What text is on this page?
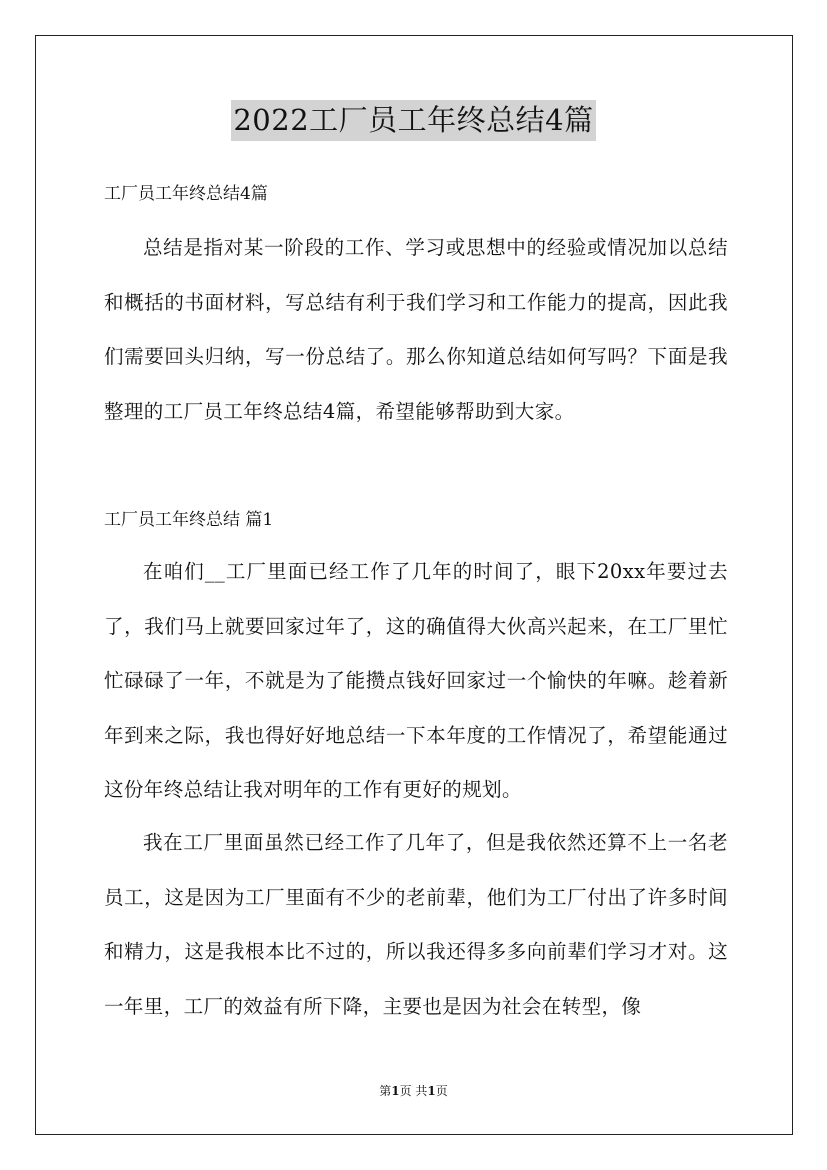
2022工厂员工年终总结4篇

工厂员工年终总结4篇

总结是指对某一阶段的工作、学习或思想中的经验或情况加以总结和概括的书面材料，写总结有利于我们学习和工作能力的提高，因此我们需要回头归纳，写一份总结了。那么你知道总结如何写吗？下面是我整理的工厂员工年终总结4篇，希望能够帮助到大家。

工厂员工年终总结 篇1

在咱们__工厂里面已经工作了几年的时间了，眼下20xx年要过去了，我们马上就要回家过年了，这的确值得大伙高兴起来，在工厂里忙忙碌碌了一年，不就是为了能攒点钱好回家过一个愉快的年嘛。趁着新年到来之际，我也得好好地总结一下本年度的工作情况了，希望能通过这份年终总结让我对明年的工作有更好的规划。

我在工厂里面虽然已经工作了几年了，但是我依然还算不上一名老员工，这是因为工厂里面有不少的老前辈，他们为工厂付出了许多时间和精力，这是我根本比不过的，所以我还得多多向前辈们学习才对。这一年里，工厂的效益有所下降，主要也是因为社会在转型，像

第1页 共1页
